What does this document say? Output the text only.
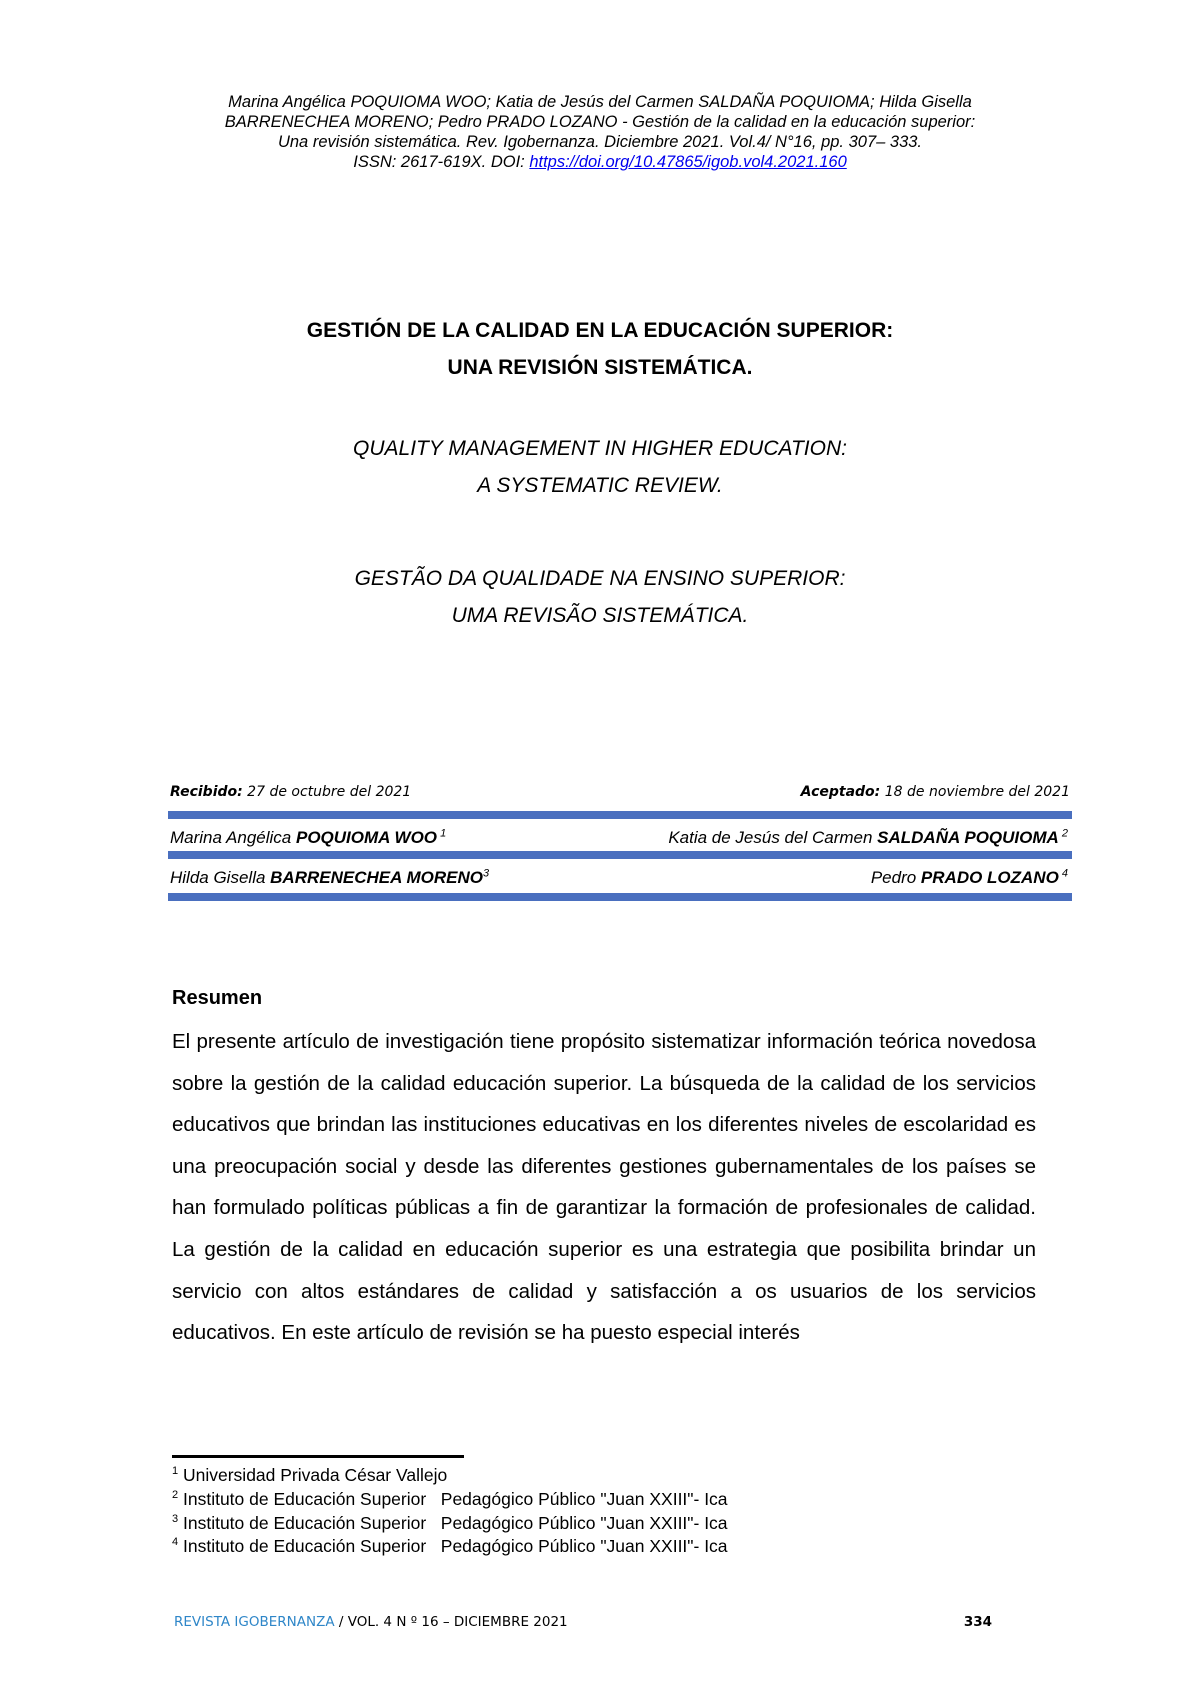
Marina Angélica POQUIOMA WOO; Katia de Jesús del Carmen SALDAÑA POQUIOMA; Hilda Gisella
BARRENECHEA MORENO; Pedro PRADO LOZANO - Gestión de la calidad en la educación superior:
Una revisión sistemática. Rev. Igobernanza. Diciembre 2021. Vol.4/ N°16, pp. 307– 333.
ISSN: 2617-619X. DOI: https://doi.org/10.47865/igob.vol4.2021.160
GESTIÓN DE LA CALIDAD EN LA EDUCACIÓN SUPERIOR:
UNA REVISIÓN SISTEMÁTICA.
QUALITY MANAGEMENT IN HIGHER EDUCATION:
A SYSTEMATIC REVIEW.
GESTÃO DA QUALIDADE NA ENSINO SUPERIOR:
UMA REVISÃO SISTEMÁTICA.
Recibido: 27 de octubre del 2021	Aceptado: 18 de noviembre del 2021
Marina Angélica POQUIOMA WOO $^1$	Katia de Jesús del Carmen SALDAÑA POQUIOMA $^2$
Hilda Gisella BARRENECHEA MORENO$^3$	Pedro PRADO LOZANO $^4$
Resumen
El presente artículo de investigación tiene propósito sistematizar información teórica novedosa sobre la gestión de la calidad educación superior. La búsqueda de la calidad de los servicios educativos que brindan las instituciones educativas en los diferentes niveles de escolaridad es una preocupación social y desde las diferentes gestiones gubernamentales de los países se han formulado políticas públicas a fin de garantizar la formación de profesionales de calidad. La gestión de la calidad en educación superior es una estrategia que posibilita brindar un servicio con altos estándares de calidad y satisfacción a os usuarios de los servicios educativos. En este artículo de revisión se ha puesto especial interés
$^1$ Universidad Privada César Vallejo
$^2$ Instituto de Educación Superior   Pedagógico Público "Juan XXIII"- Ica
$^3$ Instituto de Educación Superior   Pedagógico Público "Juan XXIII"- Ica
$^4$ Instituto de Educación Superior   Pedagógico Público "Juan XXIII"- Ica
REVISTA IGOBERNANZA / VOL. 4 N º 16 – DICIEMBRE 2021	334
